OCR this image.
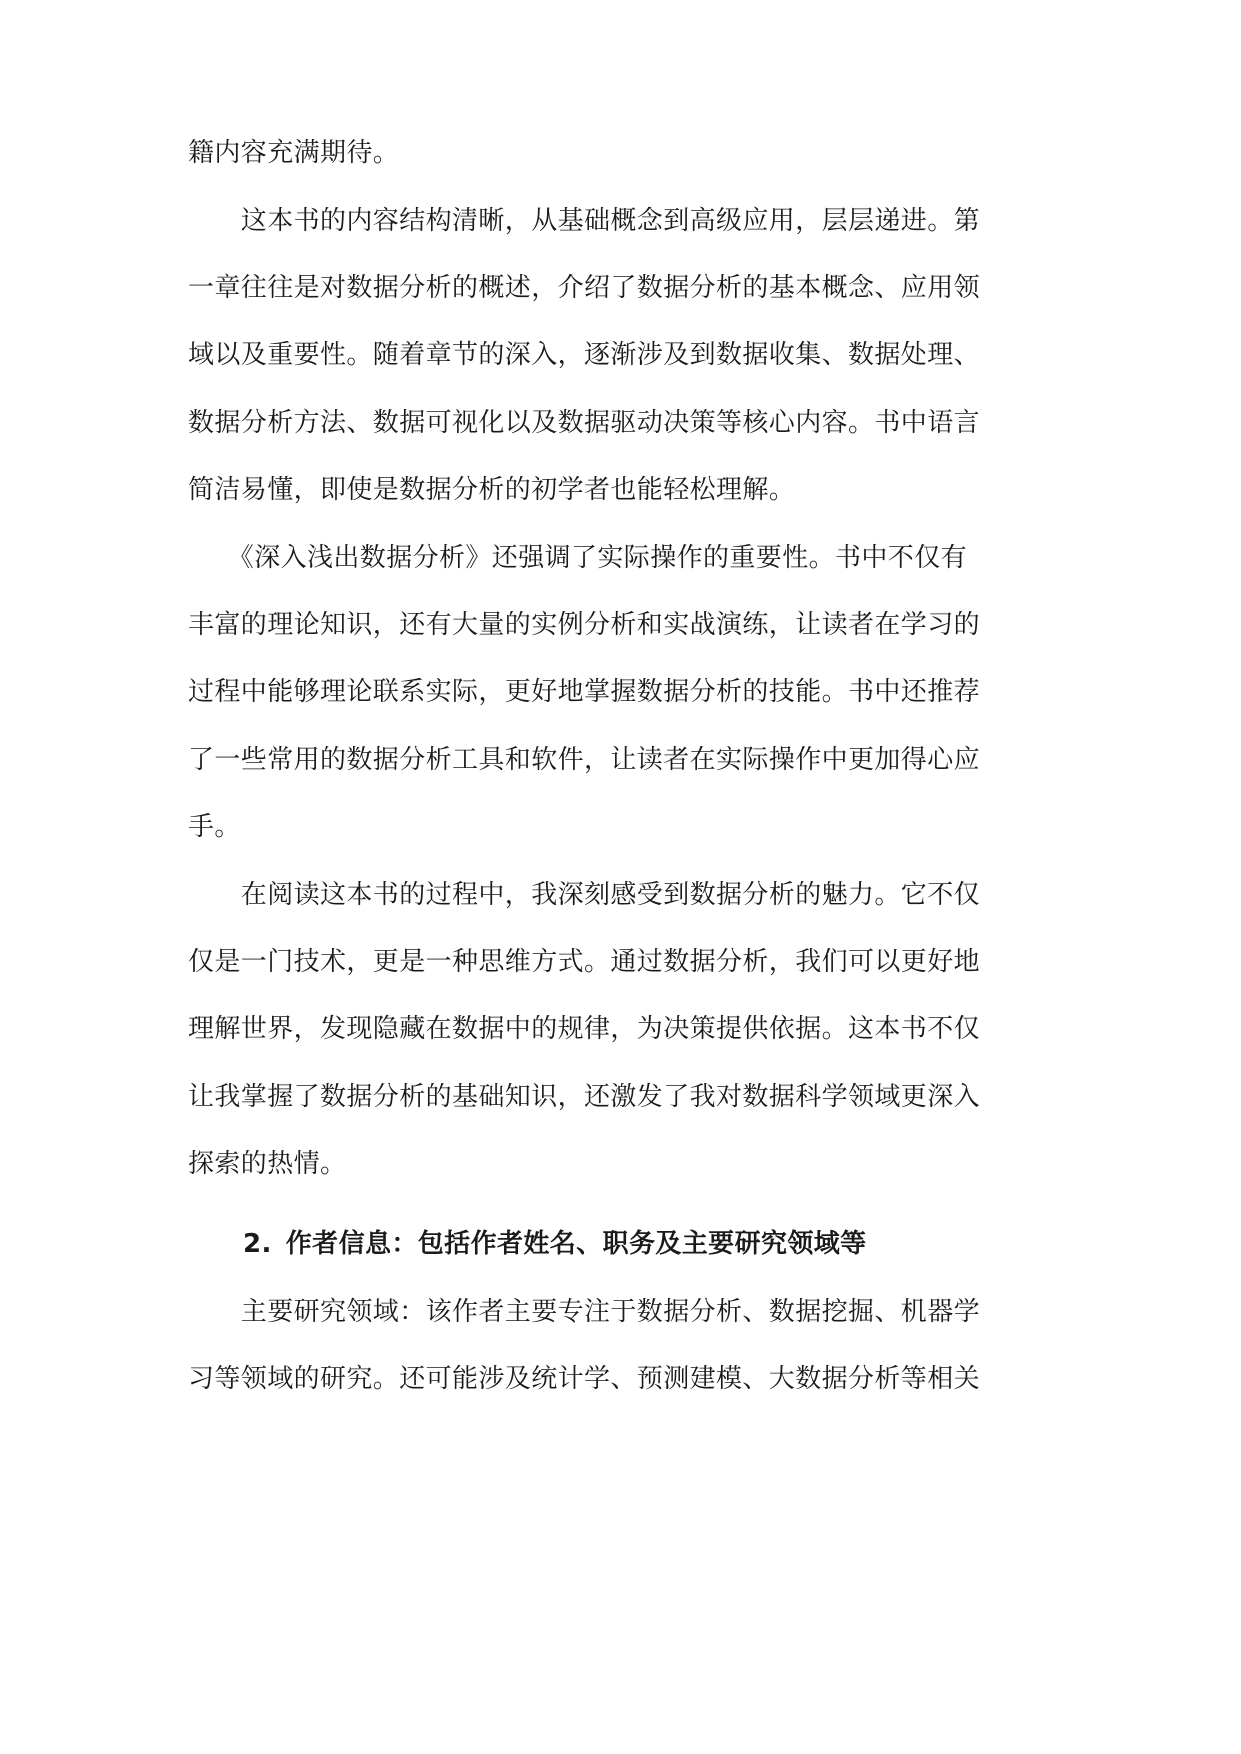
籍内容充满期待。
　　这本书的内容结构清晰，从基础概念到高级应用，层层递进。第
一章往往是对数据分析的概述，介绍了数据分析的基本概念、应用领
域以及重要性。随着章节的深入，逐渐涉及到数据收集、数据处理、
数据分析方法、数据可视化以及数据驱动决策等核心内容。书中语言
简洁易懂，即使是数据分析的初学者也能轻松理解。
　　《深入浅出数据分析》还强调了实际操作的重要性。书中不仅有
丰富的理论知识，还有大量的实例分析和实战演练，让读者在学习的
过程中能够理论联系实际，更好地掌握数据分析的技能。书中还推荐
了一些常用的数据分析工具和软件，让读者在实际操作中更加得心应
手。
　　在阅读这本书的过程中，我深刻感受到数据分析的魅力。它不仅
仅是一门技术，更是一种思维方式。通过数据分析，我们可以更好地
理解世界，发现隐藏在数据中的规律，为决策提供依据。这本书不仅
让我掌握了数据分析的基础知识，还激发了我对数据科学领域更深入
探索的热情。
2. 作者信息：包括作者姓名、职务及主要研究领域等
　　主要研究领域：该作者主要专注于数据分析、数据挖掘、机器学
习等领域的研究。还可能涉及统计学、预测建模、大数据分析等相关
